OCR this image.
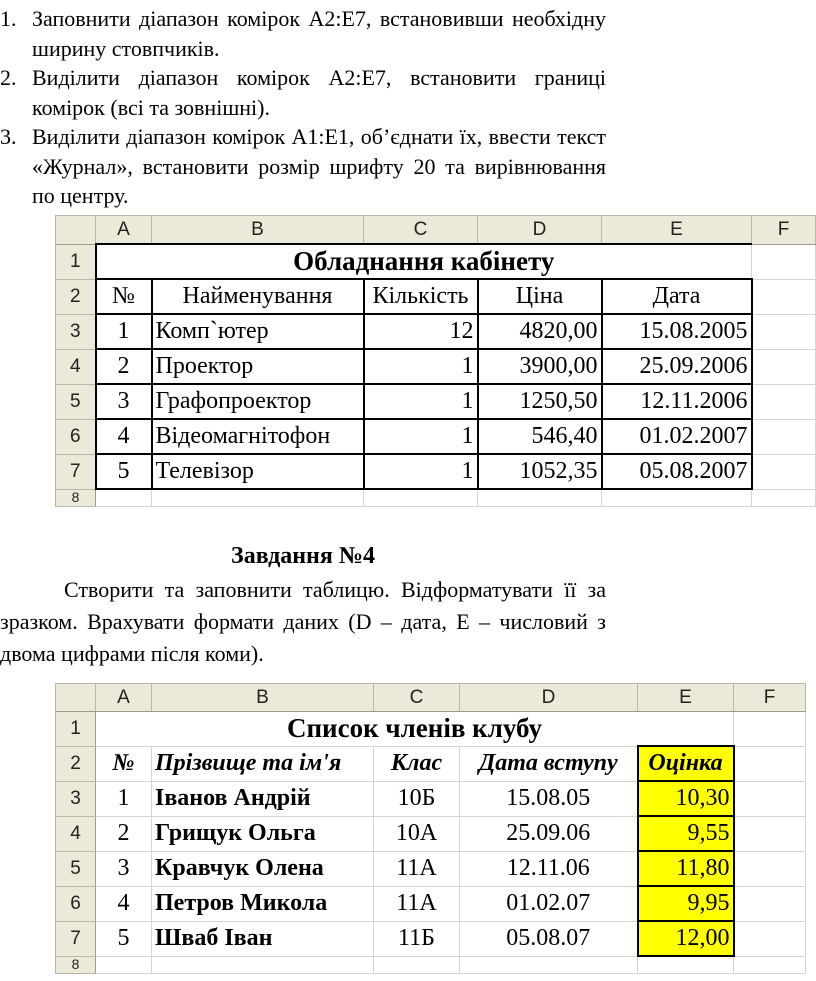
1. Заповнити діапазон комірок А2:Е7, встановивши необхідну ширину стовпчиків.
2. Виділити діапазон комірок А2:Е7, встановити границі комірок (всі та зовнішні).
3. Виділити діапазон комірок А1:Е1, об’єднати їх, ввести текст «Журнал», встановити розмір шрифту 20 та вирівнювання по центру.
	A	B	C	D	E	F
1	Обладнання кабінету					
2	№	Найменування	Кількість	Ціна	Дата	
3	1	Комп`ютер	12	4820,00	15.08.2005	
4	2	Проектор	1	3900,00	25.09.2006	
5	3	Графопроектор	1	1250,50	12.11.2006	
6	4	Відеомагнітофон	1	546,40	01.02.2007	
7	5	Телевізор	1	1052,35	05.08.2007	
8						
Завдання №4

Створити та заповнити таблицю. Відформатувати її за зразком. Врахувати формати даних (D – дата, E – числовий з двома цифрами після коми).

	A	B	C	D	E	F
1	Список членів клубу					
2	№	Прізвище та ім'я	Клас	Дата вступу	Оцінка	
3	1	Іванов Андрій	10Б	15.08.05	10,30	
4	2	Грищук Ольга	10А	25.09.06	9,55	
5	3	Кравчук Олена	11А	12.11.06	11,80	
6	4	Петров Микола	11А	01.02.07	9,95	
7	5	Шваб Іван	11Б	05.08.07	12,00	
8						
